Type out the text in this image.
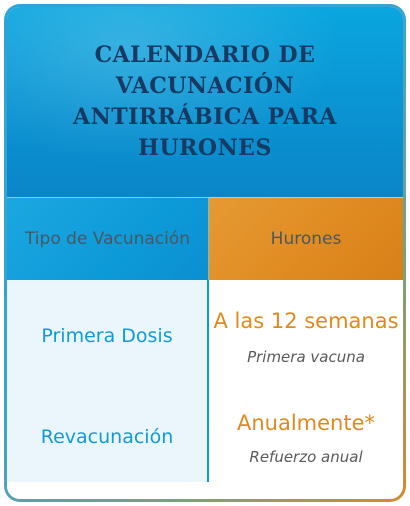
CALENDARIO DE VACUNACIÓN ANTIRRÁBICA PARA HURONES
Tipo de Vacunación	Hurones
Primera Dosis
A las 12 semanas
Primera vacuna
Revacunación
Anualmente*
Refuerzo anual
